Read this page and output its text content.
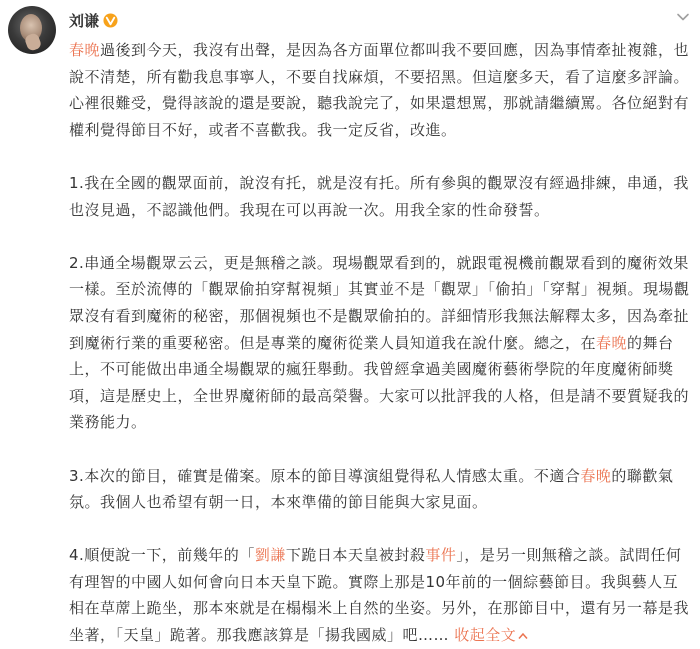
刘谦

春晚過後到今天，我沒有出聲，是因為各方面單位都叫我不要回應，因為事情牽扯複雜，也說不清楚，所有勸我息事寧人，不要自找麻煩，不要招黑。但這麼多天，看了這麼多評論。心裡很難受，覺得該說的還是要說，聽我說完了，如果還想罵，那就請繼續罵。各位絕對有權利覺得節目不好，或者不喜歡我。我一定反省，改進。

1.我在全國的觀眾面前，說沒有托，就是沒有托。所有參與的觀眾沒有經過排練，串通，我也沒見過，不認識他們。我現在可以再說一次。用我全家的性命發誓。

2.串通全場觀眾云云，更是無稽之談。現場觀眾看到的，就跟電視機前觀眾看到的魔術效果一樣。至於流傳的「觀眾偷拍穿幫視頻」其實並不是「觀眾」「偷拍」「穿幫」視頻。現場觀眾沒有看到魔術的秘密，那個視頻也不是觀眾偷拍的。詳細情形我無法解釋太多，因為牽扯到魔術行業的重要秘密。但是專業的魔術從業人員知道我在說什麼。總之，在春晚的舞台上，不可能做出串通全場觀眾的瘋狂舉動。我曾經拿過美國魔術藝術學院的年度魔術師獎項，這是歷史上，全世界魔術師的最高榮譽。大家可以批評我的人格，但是請不要質疑我的業務能力。

3.本次的節目，確實是備案。原本的節目導演組覺得私人情感太重。不適合春晚的聯歡氣氛。我個人也希望有朝一日，本來準備的節目能與大家見面。

4.順便說一下，前幾年的「劉謙下跪日本天皇被封殺事件」，是另一則無稽之談。試問任何有理智的中國人如何會向日本天皇下跪。實際上那是10年前的一個綜藝節目。我與藝人互相在草蓆上跪坐，那本來就是在榻榻米上自然的坐姿。另外，在那節目中，還有另一幕是我坐著，「天皇」跪著。那我應該算是「揚我國威」吧…… 收起全文
